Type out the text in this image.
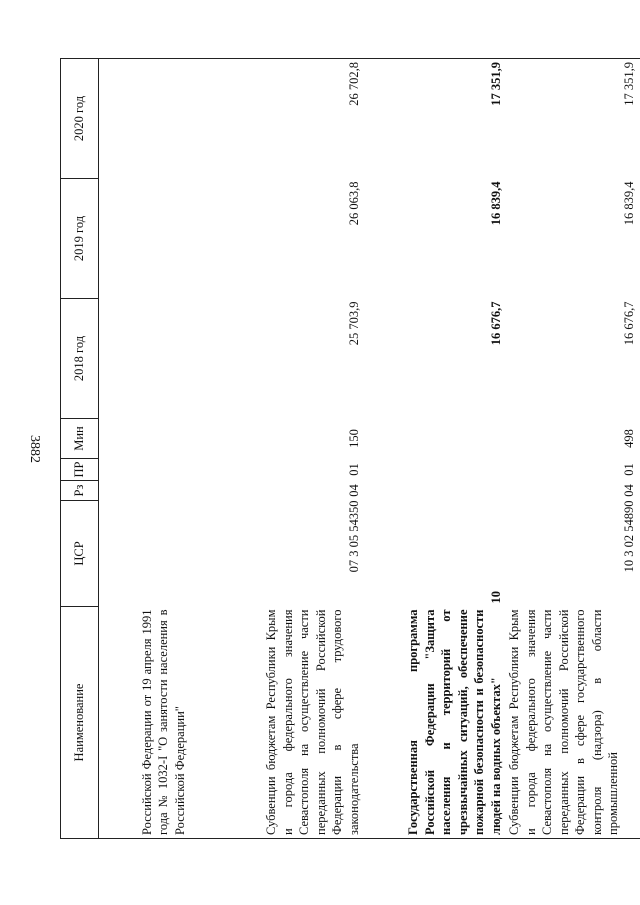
3882
Наименование	ЦСР	Рз	ПР	Мин	2018 год	2019 год	2020 год
Российской Федерации от 19 апреля 1991 года № 1032-I "О занятости населения в Российской Федерации"							
Субвенции бюджетам Республики Крым и города федерального значения Севастополя на осуществление части переданных полномочий Российской Федерации в сфере трудового законодательства	07 3 05 54350	04	01	150	25 703,9	26 063,8	26 702,8
Государственная программа Российской Федерации "Защита населения и территорий от чрезвычайных ситуаций, обеспечение пожарной безопасности и безопасности людей на водных объектах"	10				16 676,7	16 839,4	17 351,9
Субвенции бюджетам Республики Крым и города федерального значения Севастополя на осуществление части переданных полномочий Российской Федерации в сфере государственного контроля (надзора) в области промышленной	10 3 02 54890	04	01	498	16 676,7	16 839,4	17 351,9
